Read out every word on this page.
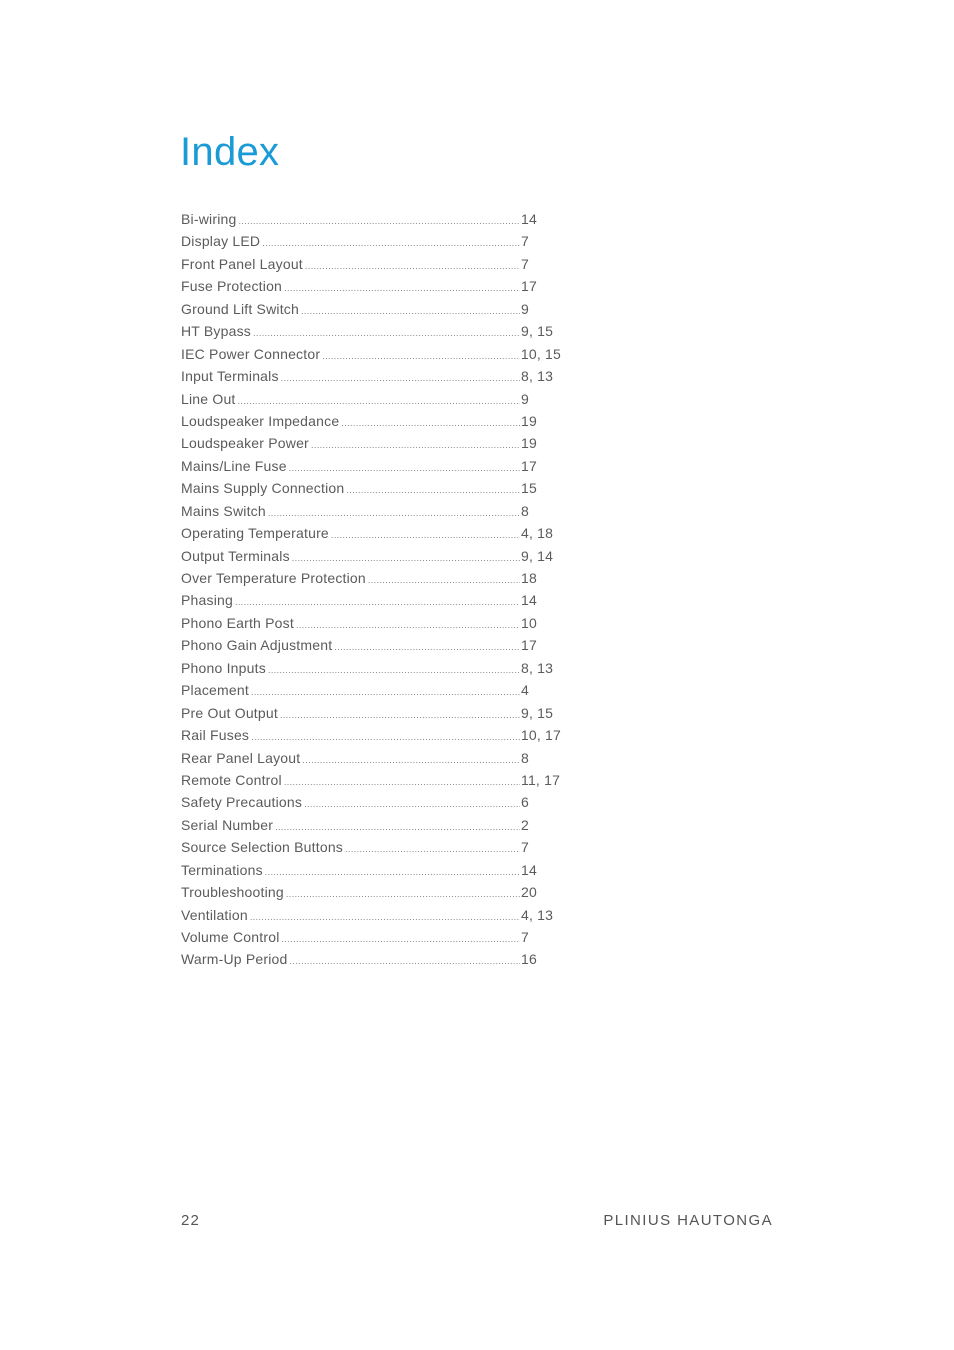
Index
Bi-wiring .....	14
Display LED .....	7
Front Panel Layout .....	7
Fuse Protection .....	17
Ground Lift Switch .....	9
HT Bypass .....	9, 15
IEC Power Connector .....	10, 15
Input Terminals .....	8, 13
Line Out .....	9
Loudspeaker Impedance .....	19
Loudspeaker Power .....	19
Mains/Line Fuse .....	17
Mains Supply Connection .....	15
Mains Switch .....	8
Operating Temperature .....	4, 18
Output Terminals .....	9, 14
Over Temperature Protection .....	18
Phasing .....	14
Phono Earth Post .....	10
Phono Gain Adjustment .....	17
Phono Inputs .....	8, 13
Placement .....	4
Pre Out Output .....	9, 15
Rail Fuses .....	10, 17
Rear Panel Layout .....	8
Remote Control .....	11, 17
Safety Precautions .....	6
Serial Number .....	2
Source Selection Buttons .....	7
Terminations .....	14
Troubleshooting .....	20
Ventilation .....	4, 13
Volume Control .....	7
Warm-Up Period .....	16
22	PLINIUS HAUTONGA
